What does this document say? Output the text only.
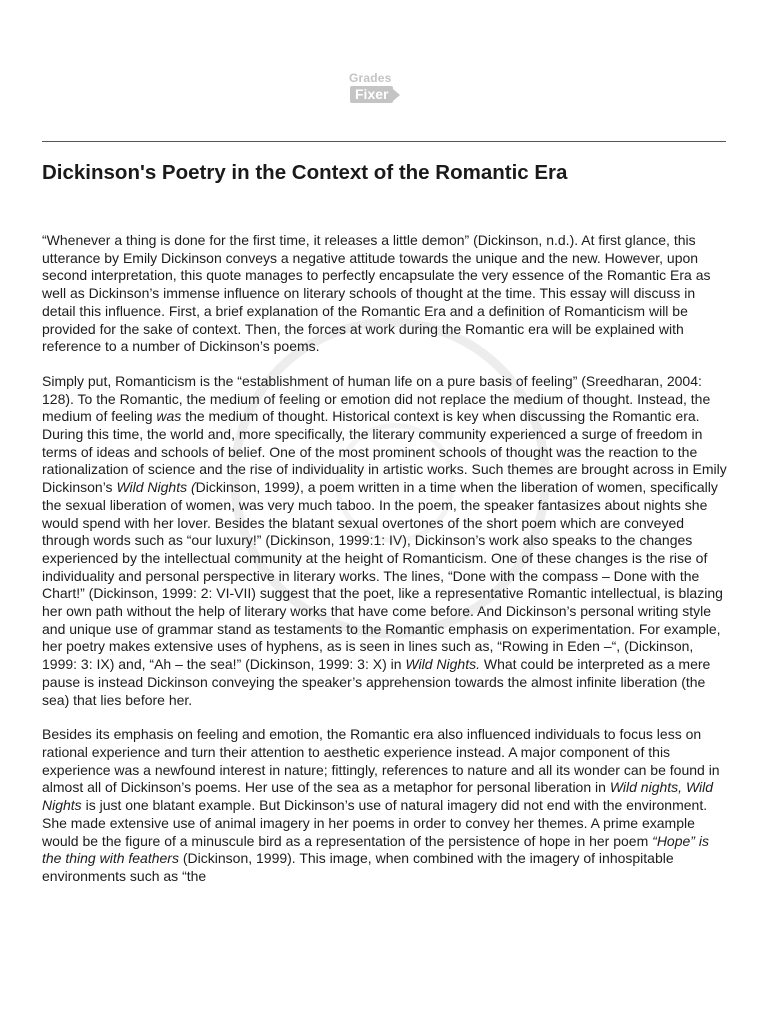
Grades
Fixer
Dickinson's Poetry in the Context of the Romantic Era

“Whenever a thing is done for the first time, it releases a little demon” (Dickinson, n.d.). At first glance, this utterance by Emily Dickinson conveys a negative attitude towards the unique and the new. However, upon second interpretation, this quote manages to perfectly encapsulate the very essence of the Romantic Era as well as Dickinson’s immense influence on literary schools of thought at the time. This essay will discuss in detail this influence. First, a brief explanation of the Romantic Era and a definition of Romanticism will be provided for the sake of context. Then, the forces at work during the Romantic era will be explained with reference to a number of Dickinson’s poems.

Simply put, Romanticism is the “establishment of human life on a pure basis of feeling” (Sreedharan, 2004: 128). To the Romantic, the medium of feeling or emotion did not replace the medium of thought. Instead, the medium of feeling was the medium of thought. Historical context is key when discussing the Romantic era. During this time, the world and, more specifically, the literary community experienced a surge of freedom in terms of ideas and schools of belief. One of the most prominent schools of thought was the reaction to the rationalization of science and the rise of individuality in artistic works. Such themes are brought across in Emily Dickinson’s Wild Nights (Dickinson, 1999), a poem written in a time when the liberation of women, specifically the sexual liberation of women, was very much taboo. In the poem, the speaker fantasizes about nights she would spend with her lover. Besides the blatant sexual overtones of the short poem which are conveyed through words such as “our luxury!” (Dickinson, 1999:1: IV), Dickinson’s work also speaks to the changes experienced by the intellectual community at the height of Romanticism. One of these changes is the rise of individuality and personal perspective in literary works. The lines, “Done with the compass – Done with the Chart!” (Dickinson, 1999: 2: VI-VII) suggest that the poet, like a representative Romantic intellectual, is blazing her own path without the help of literary works that have come before. And Dickinson’s personal writing style and unique use of grammar stand as testaments to the Romantic emphasis on experimentation. For example, her poetry makes extensive uses of hyphens, as is seen in lines such as, “Rowing in Eden –“, (Dickinson, 1999: 3: IX) and, “Ah – the sea!” (Dickinson, 1999: 3: X) in Wild Nights. What could be interpreted as a mere pause is instead Dickinson conveying the speaker’s apprehension towards the almost infinite liberation (the sea) that lies before her.

Besides its emphasis on feeling and emotion, the Romantic era also influenced individuals to focus less on rational experience and turn their attention to aesthetic experience instead. A major component of this experience was a newfound interest in nature; fittingly, references to nature and all its wonder can be found in almost all of Dickinson’s poems. Her use of the sea as a metaphor for personal liberation in Wild nights, Wild Nights is just one blatant example. But Dickinson’s use of natural imagery did not end with the environment. She made extensive use of animal imagery in her poems in order to convey her themes. A prime example would be the figure of a minuscule bird as a representation of the persistence of hope in her poem “Hope” is the thing with feathers (Dickinson, 1999). This image, when combined with the imagery of inhospitable environments such as “the
